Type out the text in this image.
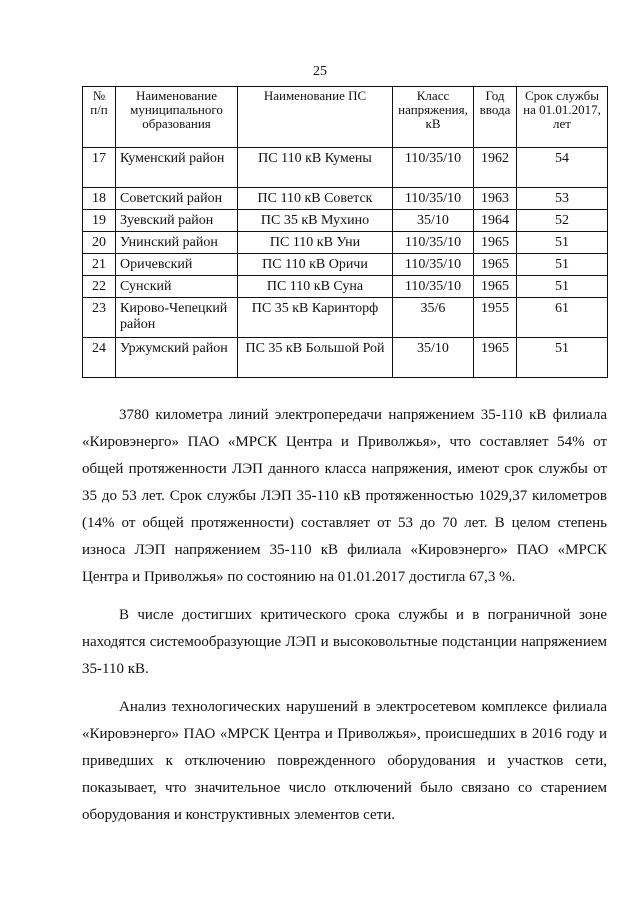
25
№ п/п	Наименование муниципального образования	Наименование ПС	Класс напряжения, кВ	Год ввода	Срок службы на 01.01.2017, лет
17	Куменский район	ПС 110 кВ Кумены	110/35/10	1962	54
18	Советский район	ПС 110 кВ Советск	110/35/10	1963	53
19	Зуевский район	ПС 35 кВ Мухино	35/10	1964	52
20	Унинский район	ПС 110 кВ Уни	110/35/10	1965	51
21	Оричевский	ПС 110 кВ Оричи	110/35/10	1965	51
22	Сунский	ПС 110 кВ Суна	110/35/10	1965	51
23	Кирово-Чепецкий район	ПС 35 кВ Каринторф	35/6	1955	61
24	Уржумский район	ПС 35 кВ Большой Рой	35/10	1965	51

3780 километра линий электропередачи напряжением 35-110 кВ филиала «Кировэнерго» ПАО «МРСК Центра и Приволжья», что составляет 54% от общей протяженности ЛЭП данного класса напряжения, имеют срок службы от 35 до 53 лет. Срок службы ЛЭП 35-110 кВ протяженностью 1029,37 километров (14% от общей протяженности) составляет от 53 до 70 лет. В целом степень износа ЛЭП напряжением 35-110 кВ филиала «Кировэнерго» ПАО «МРСК Центра и Приволжья» по состоянию на 01.01.2017 достигла 67,3 %.

В числе достигших критического срока службы и в пограничной зоне находятся системообразующие ЛЭП и высоковольтные подстанции напряжением 35-110 кВ.

Анализ технологических нарушений в электросетевом комплексе филиала «Кировэнерго» ПАО «МРСК Центра и Приволжья», происшедших в 2016 году и приведших к отключению поврежденного оборудования и участков сети, показывает, что значительное число отключений было связано со старением оборудования и конструктивных элементов сети.
